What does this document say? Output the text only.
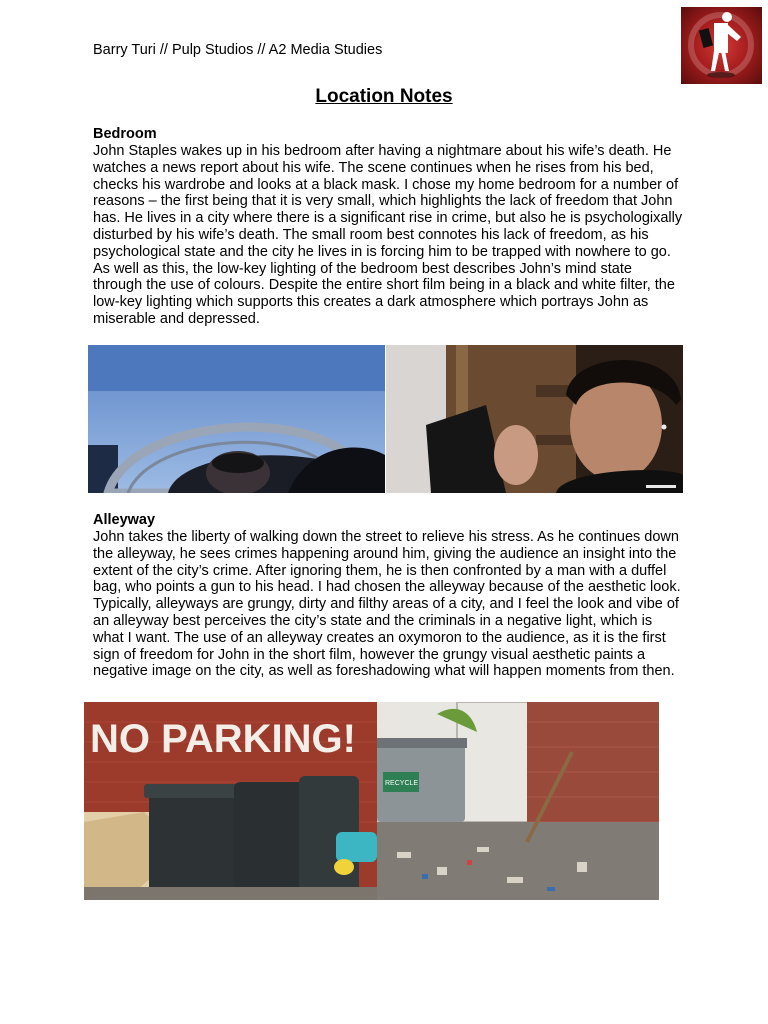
Barry Turi // Pulp Studios // A2 Media Studies
Location Notes
Bedroom
John Staples wakes up in his bedroom after having a nightmare about his wife’s death. He watches a news report about his wife. The scene continues when he rises from his bed, checks his wardrobe and looks at a black mask. I chose my home bedroom for a number of reasons – the first being that it is very small, which highlights the lack of freedom that John has. He lives in a city where there is a significant rise in crime, but also he is psychologixally disturbed by his wife’s death. The small room best connotes his lack of freedom, as his psychological state and the city he lives in is forcing him to be trapped with nowhere to go. As well as this, the low-key lighting of the bedroom best describes John’s mind state through the use of colours. Despite the entire short film being in a black and white filter, the low-key lighting which supports this creates a dark atmosphere which portrays John as miserable and depressed.
Alleyway
John takes the liberty of walking down the street to relieve his stress. As he continues down the alleyway, he sees crimes happening around him, giving the audience an insight into the extent of the city’s crime. After ignoring them, he is then confronted by a man with a duffel bag, who points a gun to his head. I had chosen the alleyway because of the aesthetic look. Typically, alleyways are grungy, dirty and filthy areas of a city, and I feel the look and vibe of an alleyway best perceives the city’s state and the criminals in a negative light, which is what I want. The use of an alleyway creates an oxymoron to the audience, as it is the first sign of freedom for John in the short film, however the grungy visual aesthetic paints a negative image on the city, as well as foreshadowing what will happen moments from then.
NO PARKING!
RECYCLE
